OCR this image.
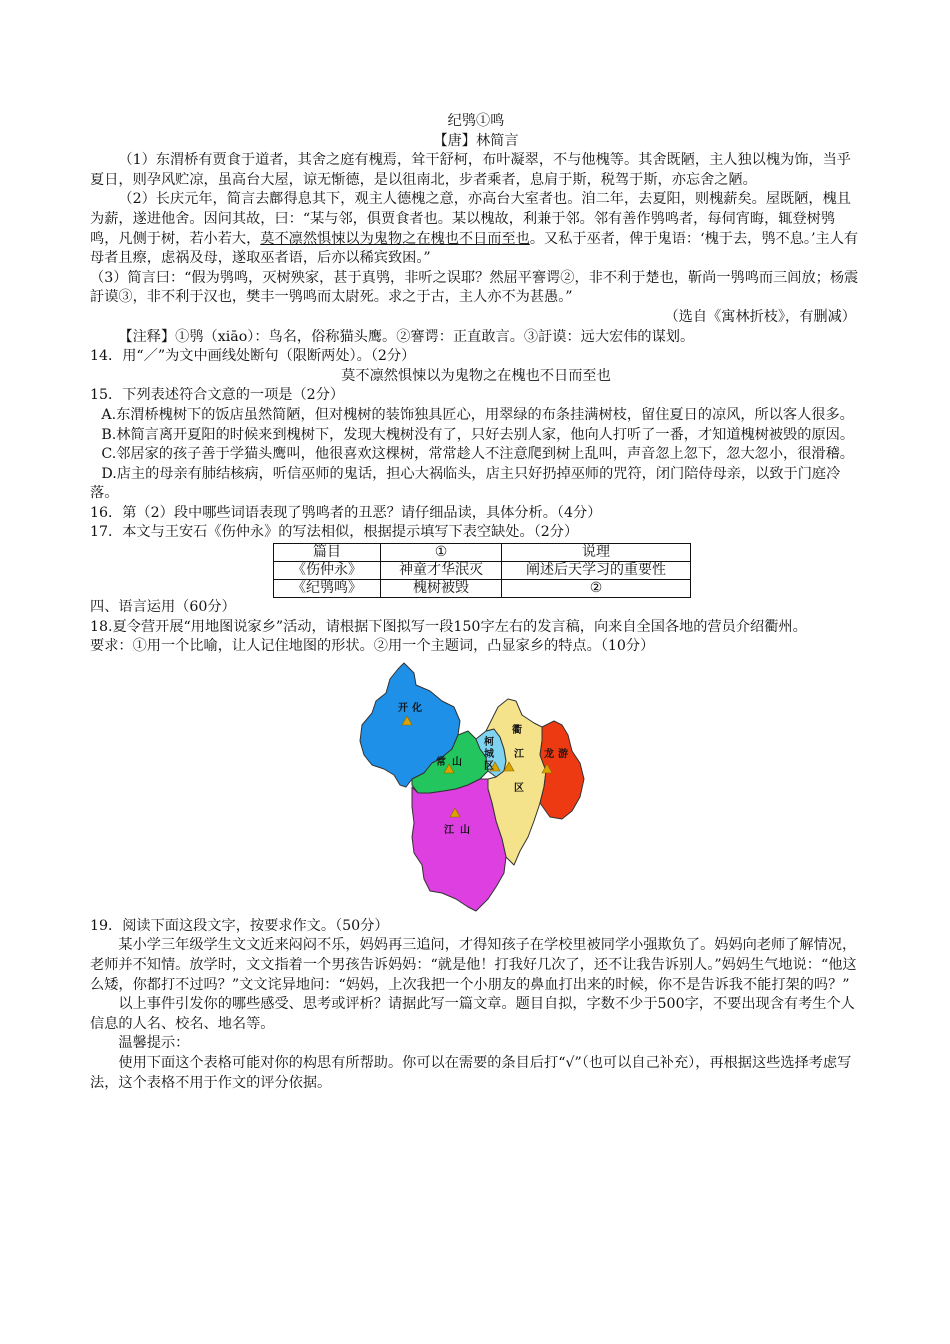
纪鸮①鸣

【唐】林简言

（1）东渭桥有贾食于道者，其舍之庭有槐焉，耸干舒柯，布叶凝翠，不与他槐等。其舍既陋，主人独以槐为饰，当乎夏日，则孕风贮凉，虽高台大屋，谅无惭德，是以徂南北，步者乘者，息肩于斯，税驾于斯，亦忘舍之陋。

（2）长庆元年，简言去鄜得息其下，观主人德槐之意，亦高台大室者也。洎二年，去夏阳，则槐薪矣。屋既陋，槐且为薪，遂进他舍。因问其故，曰：“某与邻，俱贾食者也。某以槐故，利兼于邻。邻有善作鸮鸣者，每伺宵晦，辄登树鸮鸣，凡侧于树，若小若大，莫不凛然惧悚以为鬼物之在槐也不日而至也。又私于巫者，俾于鬼语：‘槐于去，鸮不息。’主人有母者且瘵，虑祸及母，遂取巫者语，后亦以稀宾致困。”

（3）简言曰：“假为鸮鸣，灭树殃家，甚于真鸮，非听之误耶？然屈平謇谔②，非不利于楚也，靳尚一鸮鸣而三闾放；杨震訏谟③，非不利于汉也，樊丰一鸮鸣而太尉死。求之于古，主人亦不为甚愚。”

（选自《寓林折枝》，有删减）

【注释】①鸮（xiāo）：鸟名，俗称猫头鹰。②謇谔：正直敢言。③訏谟：远大宏伟的谋划。

14．用“／”为文中画线处断句（限断两处）。（2分）

莫不凛然惧悚以为鬼物之在槐也不日而至也

15．下列表述符合文意的一项是（2分）

A.东渭桥槐树下的饭店虽然简陋，但对槐树的装饰独具匠心，用翠绿的布条挂满树枝，留住夏日的凉风，所以客人很多。

B.林简言离开夏阳的时候来到槐树下，发现大槐树没有了，只好去别人家，他向人打听了一番，才知道槐树被毁的原因。

C.邻居家的孩子善于学猫头鹰叫，他很喜欢这棵树，常常趁人不注意爬到树上乱叫，声音忽上忽下，忽大忽小，很滑稽。

D.店主的母亲有肺结核病，听信巫师的鬼话，担心大祸临头，店主只好扔掉巫师的咒符，闭门陪侍母亲，以致于门庭冷落。

16．第（2）段中哪些词语表现了鸮鸣者的丑恶？请仔细品读，具体分析。（4分）

17．本文与王安石《伤仲永》的写法相似，根据提示填写下表空缺处。（2分）

篇目	①	说理
《伤仲永》	神童才华泯灭	阐述后天学习的重要性
《纪鸮鸣》	槐树被毁	②

四、语言运用（60分）

18.夏令营开展“用地图说家乡”活动，请根据下图拟写一段150字左右的发言稿，向来自全国各地的营员介绍衢州。

要求：①用一个比喻，让人记住地图的形状。②用一个主题词，凸显家乡的特点。（10分）

开 化
常 山
柯
城
区
衢
江
区
龙 游
江 山

19．阅读下面这段文字，按要求作文。（50分）

某小学三年级学生文文近来闷闷不乐，妈妈再三追问，才得知孩子在学校里被同学小强欺负了。妈妈向老师了解情况，老师并不知情。放学时，文文指着一个男孩告诉妈妈：“就是他！打我好几次了，还不让我告诉别人。”妈妈生气地说：“他这么矮，你都打不过吗？”文文诧异地问：“妈妈，上次我把一个小朋友的鼻血打出来的时候，你不是告诉我不能打架的吗？”

以上事件引发你的哪些感受、思考或评析？请据此写一篇文章。题目自拟，字数不少于500字，不要出现含有考生个人信息的人名、校名、地名等。

温馨提示：

使用下面这个表格可能对你的构思有所帮助。你可以在需要的条目后打“√”（也可以自己补充），再根据这些选择考虑写法，这个表格不用于作文的评分依据。
